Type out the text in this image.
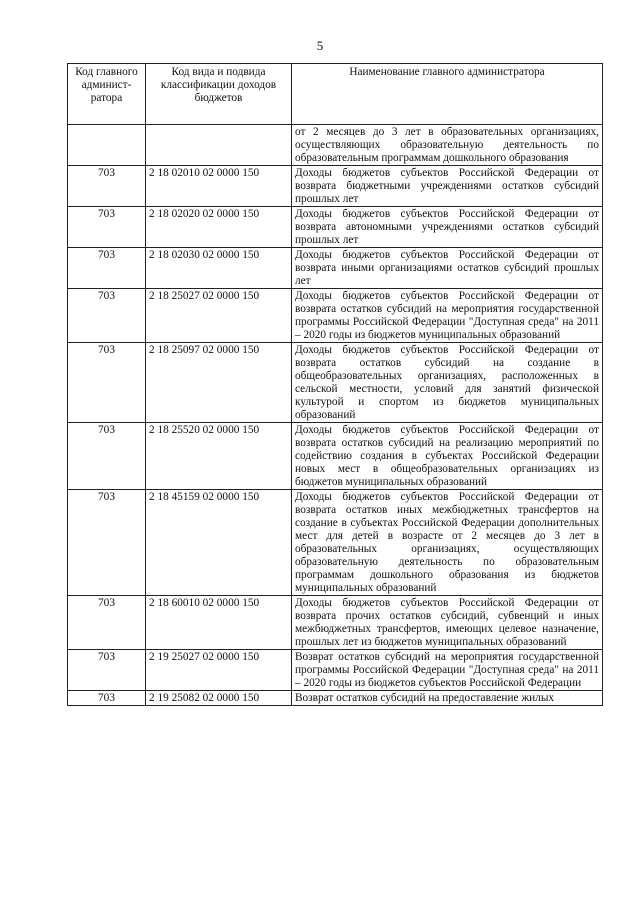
5
Код главного админист-ратора	Код вида и подвида классификации доходов бюджетов	Наименование главного администратора
		от 2 месяцев до 3 лет в образовательных организациях, осуществляющих образовательную деятельность по образовательным программам дошкольного образования
703	2 18 02010 02 0000 150	Доходы бюджетов субъектов Российской Федерации от возврата бюджетными учреждениями остатков субсидий прошлых лет
703	2 18 02020 02 0000 150	Доходы бюджетов субъектов Российской Федерации от возврата автономными учреждениями остатков субсидий прошлых лет
703	2 18 02030 02 0000 150	Доходы бюджетов субъектов Российской Федерации от возврата иными организациями остатков субсидий прошлых лет
703	2 18 25027 02 0000 150	Доходы бюджетов субъектов Российской Федерации от возврата остатков субсидий на мероприятия государственной программы Российской Федерации "Доступная среда" на 2011 – 2020 годы из бюджетов муниципальных образований
703	2 18 25097 02 0000 150	Доходы бюджетов субъектов Российской Федерации от возврата остатков субсидий на создание в общеобразовательных организациях, расположенных в сельской местности, условий для занятий физической культурой и спортом из бюджетов муниципальных образований
703	2 18 25520 02 0000 150	Доходы бюджетов субъектов Российской Федерации от возврата остатков субсидий на реализацию мероприятий по содействию создания в субъектах Российской Федерации новых мест в общеобразовательных организациях из бюджетов муниципальных образований
703	2 18 45159 02 0000 150	Доходы бюджетов субъектов Российской Федерации от возврата остатков иных межбюджетных трансфертов на создание в субъектах Российской Федерации дополнительных мест для детей в возрасте от 2 месяцев до 3 лет в образовательных организациях, осуществляющих образовательную деятельность по образовательным программам дошкольного образования из бюджетов муниципальных образований
703	2 18 60010 02 0000 150	Доходы бюджетов субъектов Российской Федерации от возврата прочих остатков субсидий, субвенций и иных межбюджетных трансфертов, имеющих целевое назначение, прошлых лет из бюджетов муниципальных образований
703	2 19 25027 02 0000 150	Возврат остатков субсидий на мероприятия государственной программы Российской Федерации "Доступная среда" на 2011 – 2020 годы из бюджетов субъектов Российской Федерации
703	2 19 25082 02 0000 150	Возврат остатков субсидий на предоставление жилых
